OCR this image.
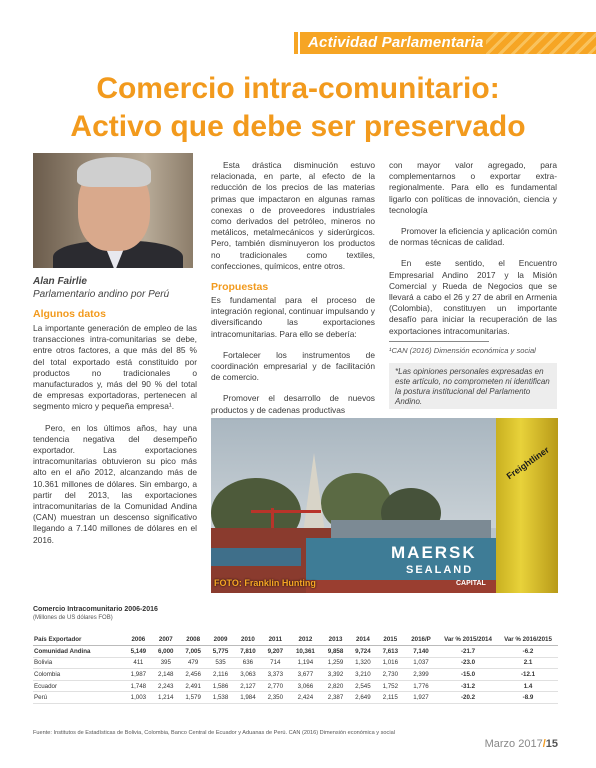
Actividad Parlamentaria
Comercio intra-comunitario:
Activo que debe ser preservado
Alan Fairlie
Parlamentario andino por Perú
Algunos datos

La importante generación de empleo de las transacciones intra-comunitarias se debe, entre otros factores, a que más del 85 % del total exportado está constituido por productos no tradicionales o manufacturados y, más del 90 % del total de empresas exportadoras, pertenecen al segmento micro y pequeña empresa¹.

Pero, en los últimos años, hay una tendencia negativa del desempeño exportador. Las exportaciones intracomunitarias obtuvieron su pico más alto en el año 2012, alcanzando más de 10.361 millones de dólares. Sin embargo, a partir del 2013, las exportaciones intracomunitarias de la Comunidad Andina (CAN) muestran un descenso significativo llegando a 7.140 millones de dólares en el 2016.

Esta drástica disminución estuvo relacionada, en parte, al efecto de la reducción de los precios de las materias primas que impactaron en algunas ramas conexas o de proveedores industriales como derivados del petróleo, mineros no metálicos, metalmecánicos y siderúrgicos. Pero, también disminuyeron los productos no tradicionales como textiles, confecciones, químicos, entre otros.

Propuestas

Es fundamental para el proceso de integración regional, continuar impulsando y diversificando las exportaciones intracomunitarias. Para ello se debería:

Fortalecer los instrumentos de coordinación empresarial y de facilitación de comercio.

Promover el desarrollo de nuevos productos y de cadenas productivas

con mayor valor agregado, para complementarnos o exportar extra-regionalmente. Para ello es fundamental ligarlo con políticas de innovación, ciencia y tecnología

Promover la eficiencia y aplicación común de normas técnicas de calidad.

En este sentido, el Encuentro Empresarial Andino 2017 y la Misión Comercial y Rueda de Negocios que se llevará a cabo el 26 y 27 de abril en Armenia (Colombia), constituyen un importante desafío para iniciar la recuperación de las exportaciones intracomunitarias.

¹CAN (2016) Dimensión económica y social
*Las opiniones personales expresadas en este artículo, no comprometen ni identifican la postura institucional del Parlamento Andino.
MAERSK
SEALAND
CAPITAL
Freightliner
FOTO: Franklin Hunting
Comercio Intracomunitario 2006-2016
(Millones de US dólares FOB)
País Exportador	2006	2007	2008	2009	2010	2011	2012	2013	2014	2015	2016/P	Var % 2015/2014	Var % 2016/2015
Comunidad Andina	5,149	6,000	7,005	5,775	7,810	9,207	10,361	9,858	9,724	7,613	7,140	-21.7	-6.2
Bolivia	411	395	479	535	636	714	1,194	1,259	1,320	1,016	1,037	-23.0	2.1
Colombia	1,987	2,148	2,456	2,116	3,063	3,373	3,677	3,392	3,210	2,730	2,399	-15.0	-12.1
Ecuador	1,748	2,243	2,491	1,586	2,127	2,770	3,066	2,820	2,545	1,752	1,776	-31.2	1.4
Perú	1,003	1,214	1,579	1,538	1,984	2,350	2,424	2,387	2,649	2,115	1,927	-20.2	-8.9
Fuente: Institutos de Estadísticas de Bolivia, Colombia, Banco Central de Ecuador y Aduanas de Perú. CAN (2016) Dimensión económica y social
Marzo 2017/15
